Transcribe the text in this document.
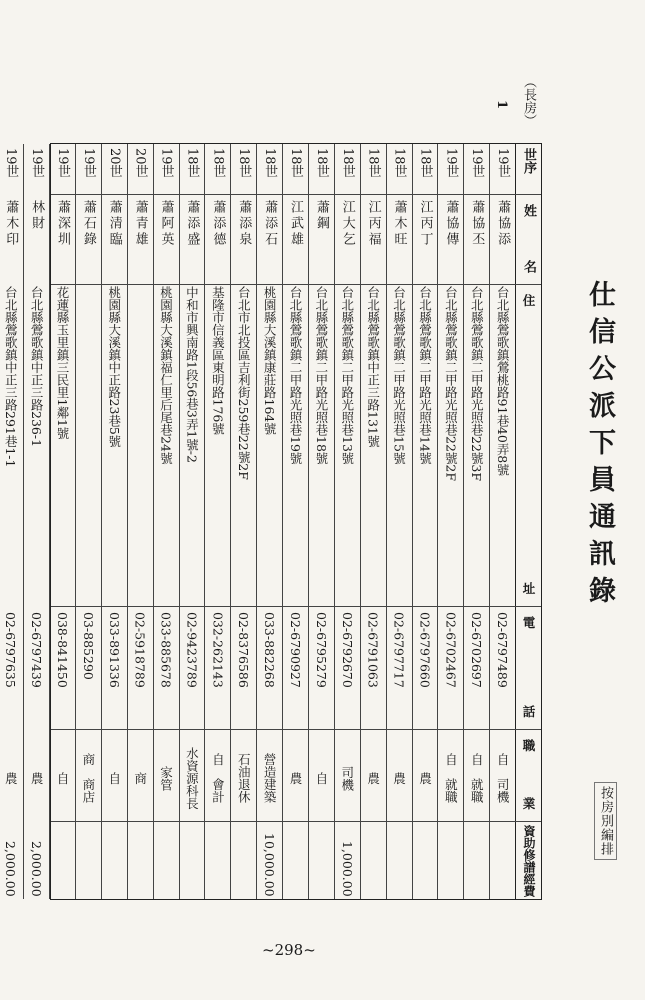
仕信公派下員通訊錄
按房別編排
（長房）
1
世序
姓
名
住
址
電
話
職
業
資助修譜經費
19世
蕭協添
台北縣鶯歌鎮鶯桃路91巷40弄8號
02-6797489
自　司機
19世
蕭協丕
台北縣鶯歌鎮二甲路光照巷22號3F
02-6702697
自　就職
19世
蕭協傳
台北縣鶯歌鎮二甲路光照巷22號2F
02-6702467
自　就職
18世
江丙丁
台北縣鶯歌鎮二甲路光照巷14號
02-6797660
農
18世
蕭木旺
台北縣鶯歌鎮二甲路光照巷15號
02-6797717
農
18世
江丙福
台北縣鶯歌鎮中正三路131號
02-6791063
農
18世
江大乞
台北縣鶯歌鎮二甲路光照巷13號
02-6792670
司機
1,000.00
18世
蕭鋼
台北縣鶯歌鎮二甲路光照巷18號
02-6795279
自
18世
江武雄
台北縣鶯歌鎮二甲路光照巷19號
02-6790927
農
18世
蕭添石
桃園縣大溪鎮康莊路164號
033-882268
營造建築
10,000.00
18世
蕭添泉
台北市北投區吉利街259巷22號2F
02-8376586
石油退休
18世
蕭添德
基隆市信義區東明路176號
032-262143
自　會計
18世
蕭添盛
中和市興南路1段56巷3弄1號-2
02-9423789
水資源科長
19世
蕭阿英
桃園縣大溪鎮福仁里后尾巷24號
033-885678
家管
20世
蕭青雄
02-5918789
商
20世
蕭清臨
桃園縣大溪鎮中正路23巷5號
033-891336
自
19世
蕭石錄
03-885290
商　商店
19世
蕭深圳
花蓮縣玉里鎮三民里1鄰1號
038-841450
自
19世
林財
台北縣鶯歌鎮中正三路236-1
02-6797439
農
2,000.00
19世
蕭木印
台北縣鶯歌鎮中正三路291巷1-1
02-6797635
農
2,000.00
~298~
